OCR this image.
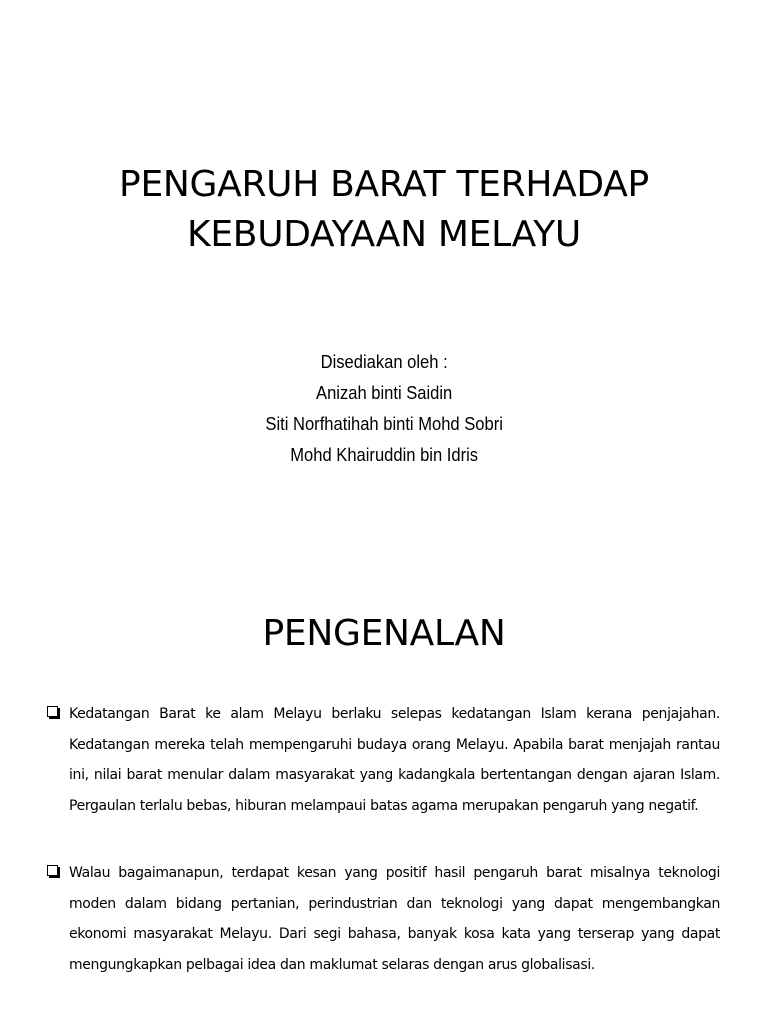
PENGARUH BARAT TERHADAP
KEBUDAYAAN MELAYU
Disediakan oleh :
Anizah binti Saidin
Siti Norfhatihah binti Mohd Sobri
Mohd Khairuddin bin Idris
PENGENALAN
Kedatangan Barat ke alam Melayu berlaku selepas kedatangan Islam kerana penjajahan. Kedatangan mereka telah mempengaruhi budaya orang Melayu. Apabila barat menjajah rantau ini, nilai barat menular dalam masyarakat yang kadangkala bertentangan dengan ajaran Islam. Pergaulan terlalu bebas, hiburan melampaui batas agama merupakan pengaruh yang negatif.
Walau bagaimanapun, terdapat kesan yang positif hasil pengaruh barat misalnya teknologi moden dalam bidang pertanian, perindustrian dan teknologi yang dapat mengembangkan ekonomi masyarakat Melayu. Dari segi bahasa, banyak kosa kata yang terserap yang dapat mengungkapkan pelbagai idea dan maklumat selaras dengan arus globalisasi.
